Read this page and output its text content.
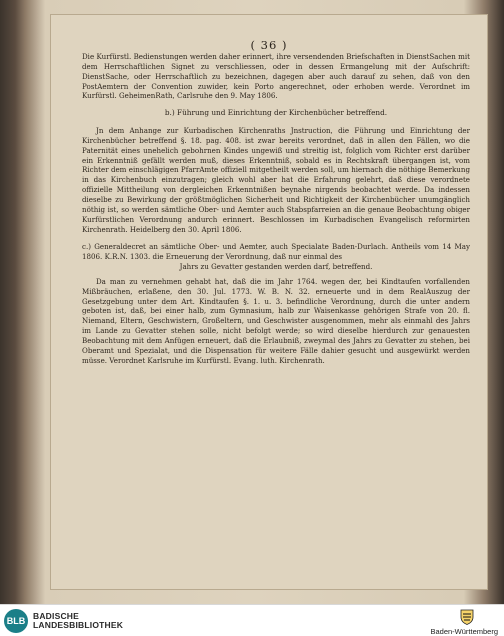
( 36 )

Die Kurfürstl. Bedienstungen werden daher erinnert, ihre versendenden Briefschaften in DienstSachen mit dem Herrschaftlichen Signet zu verschliessen, oder in dessen Ermangelung mit der Aufschrift: DienstSache, oder Herrschaftlich zu bezeichnen, dagegen aber auch darauf zu sehen, daß von den PostAemtern der Convention zuwider, kein Porto angerechnet, oder erhoben werde. Verordnet im Kurfürstl. GeheimenRath, Carlsruhe den 9. May 1806.

b.) Führung und Einrichtung der Kirchenbücher betreffend.

Jn dem Anhange zur Kurbadischen Kirchenraths Jnstruction, die Führung und Einrichtung der Kirchenbücher betreffend §. 18. pag. 408. ist zwar bereits verordnet, daß in allen den Fällen, wo die Paternität eines unehelich gebohrnen Kindes ungewiß und streitig ist, folglich vom Richter erst darüber ein Erkenntniß gefällt werden muß, dieses Erkenntniß, sobald es in Rechtskraft übergangen ist, vom Richter dem einschlägigen PfarrAmte offiziell mitgetheilt werden soll, um hiernach die nöthige Bemerkung in das Kirchenbuch einzutragen; gleich wohl aber hat die Erfahrung gelehrt, daß diese verordnete offizielle Mittheilung von dergleichen Erkenntnißen beynahe nirgends beobachtet werde. Da indessen dieselbe zu Bewirkung der größtmöglichen Sicherheit und Richtigkeit der Kirchenbücher unumgänglich nöthig ist, so werden sämtliche Ober- und Aemter auch Stabspfarreien an die genaue Beobachtung obiger Kurfürstlichen Verordnung andurch erinnert. Beschlossen im Kurbadischen Evangelisch reformirten Kirchenrath. Heidelberg den 30. April 1806.

c.) Generaldecret an sämtliche Ober- und Aemter, auch Specialate Baden-Durlach. Antheils vom 14 May 1806. K.R.N. 1303. die Erneuerung der Verordnung, daß nur einmal des
Jahrs zu Gevatter gestanden werden darf, betreffend.

Da man zu vernehmen gehabt hat, daß die im Jahr 1764. wegen der, bei Kindtaufen vorfallenden Mißbräuchen, erlaßene, den 30. Jul. 1773. W. B. N. 32. erneuerte und in dem RealAuszug der Gesetzgebung unter dem Art. Kindtaufen §. 1. u. 3. befindliche Verordnung, durch die unter andern geboten ist, daß, bei einer halb, zum Gymnasium, halb zur Waisenkasse gehörigen Strafe von 20. fl. Niemand, Eltern, Geschwistern, Großeltern, und Geschwister ausgenommen, mehr als einmahl des Jahrs im Lande zu Gevatter stehen solle, nicht befolgt werde; so wird dieselbe hierdurch zur genauesten Beobachtung mit dem Anfügen erneuert, daß die Erlaubniß, zweymal des Jahrs zu Gevatter zu stehen, bei Oberamt und Spezialat, und die Dispensation für weitere Fälle dahier gesucht und ausgewürkt werden müsse. Verordnet Karlsruhe im Kurfürstl. Evang. luth. Kirchenrath.

BLB BADISCHE
LANDESBIBLIOTHEK
Baden-Württemberg
